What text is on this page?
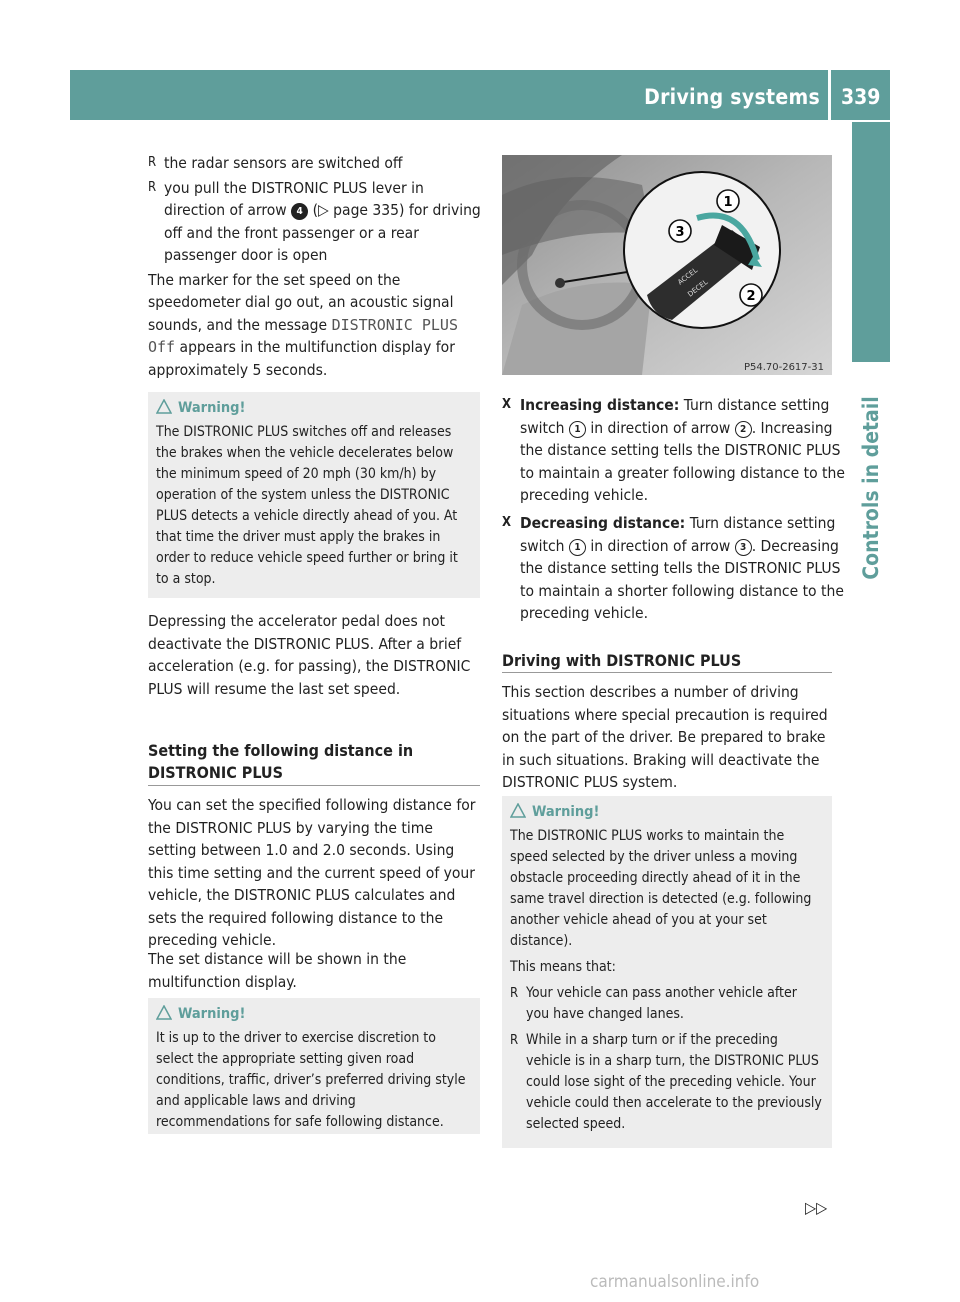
Driving systems 339
Controls in detail

R the radar sensors are switched off

R you pull the DISTRONIC PLUS lever in direction of arrow 4 (▷ page 335) for driving off and the front passenger or a rear passenger door is open

The marker for the set speed on the speedometer dial go out, an acoustic signal sounds, and the message DISTRONIC PLUS Off appears in the multifunction display for approximately 5 seconds.

Warning!
The DISTRONIC PLUS switches off and releases the brakes when the vehicle decelerates below the minimum speed of 20 mph (30 km/h) by operation of the system unless the DISTRONIC PLUS detects a vehicle directly ahead of you. At that time the driver must apply the brakes in order to reduce vehicle speed further or bring it to a stop.
Depressing the accelerator pedal does not deactivate the DISTRONIC PLUS. After a brief acceleration (e.g. for passing), the DISTRONIC PLUS will resume the last set speed.
Setting the following distance in DISTRONIC PLUS
You can set the specified following distance for the DISTRONIC PLUS by varying the time setting between 1.0 and 2.0 seconds. Using this time setting and the current speed of your vehicle, the DISTRONIC PLUS calculates and sets the required following distance to the preceding vehicle.
The set distance will be shown in the multifunction display.
Warning!
It is up to the driver to exercise discretion to select the appropriate setting given road conditions, traffic, driver’s preferred driving style and applicable laws and driving recommendations for safe following distance.
ACCEL
DECEL
1
2
3
P54.70-2617-31
X Increasing distance: Turn distance setting switch 1 in direction of arrow 2 . Increasing the distance setting tells the DISTRONIC PLUS to maintain a greater following distance to the preceding vehicle.
X Decreasing distance: Turn distance setting switch 1 in direction of arrow 3 . Decreasing the distance setting tells the DISTRONIC PLUS to maintain a shorter following distance to the preceding vehicle.
Driving with DISTRONIC PLUS
This section describes a number of driving situations where special precaution is required on the part of the driver. Be prepared to brake in such situations. Braking will deactivate the DISTRONIC PLUS system.
Warning!
The DISTRONIC PLUS works to maintain the speed selected by the driver unless a moving obstacle proceeding directly ahead of it in the same travel direction is detected (e.g. following another vehicle ahead of you at your set distance).
This means that:
R Your vehicle can pass another vehicle after you have changed lanes.
R While in a sharp turn or if the preceding vehicle is in a sharp turn, the DISTRONIC PLUS could lose sight of the preceding vehicle. Your vehicle could then accelerate to the previously selected speed.
▷▷
carmanualsonline.info
